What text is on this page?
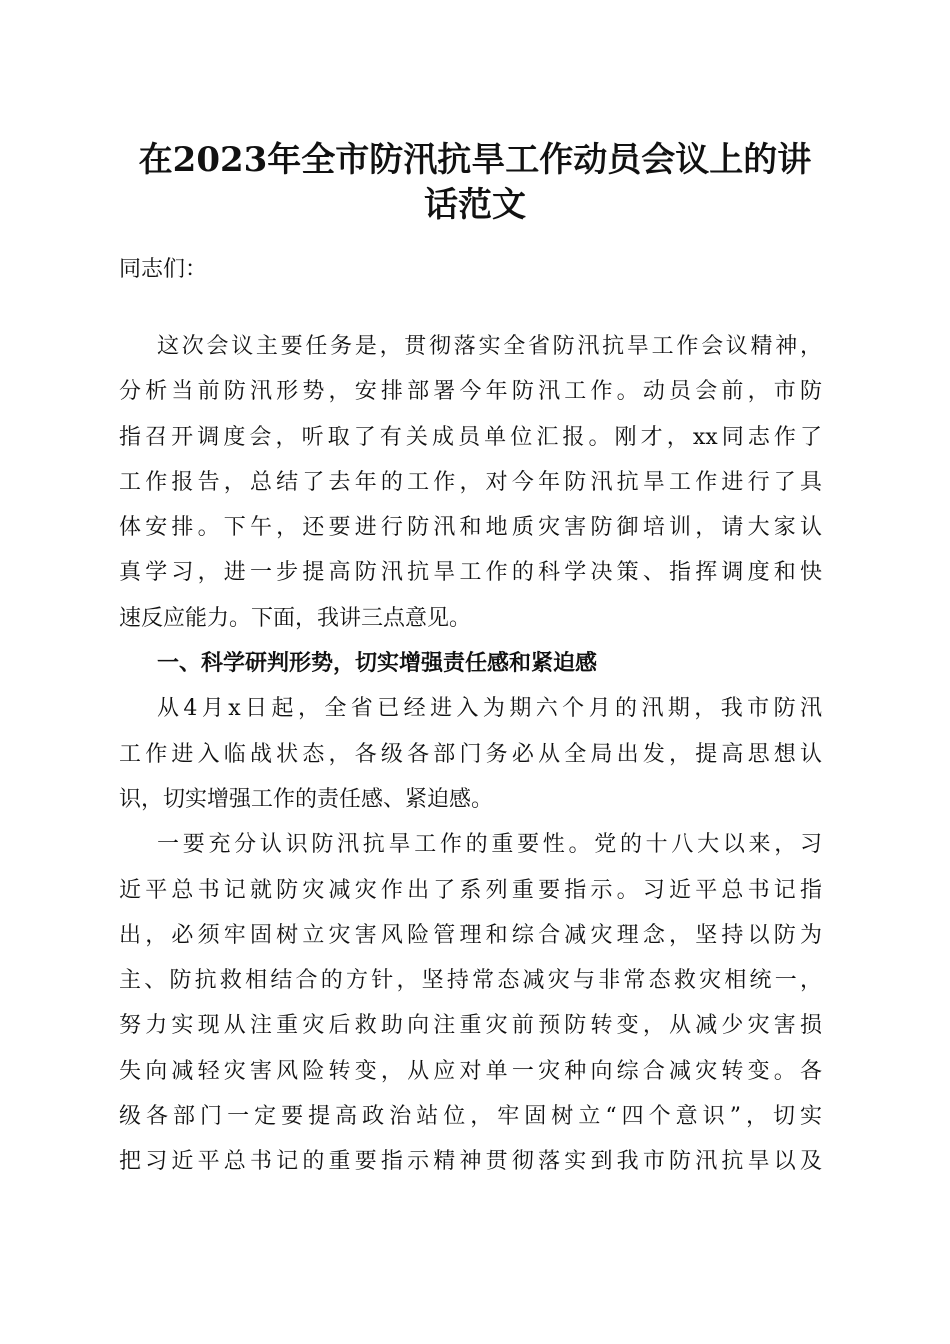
在2023年全市防汛抗旱工作动员会议上的讲
话范文
同志们：
这次会议主要任务是，贯彻落实全省防汛抗旱工作会议精神，
分析当前防汛形势，安排部署今年防汛工作。动员会前，市防
指召开调度会，听取了有关成员单位汇报。刚才，xx同志作了
工作报告，总结了去年的工作，对今年防汛抗旱工作进行了具
体安排。下午，还要进行防汛和地质灾害防御培训，请大家认
真学习，进一步提高防汛抗旱工作的科学决策、指挥调度和快
速反应能力。下面，我讲三点意见。
一、科学研判形势，切实增强责任感和紧迫感
从4月x日起，全省已经进入为期六个月的汛期，我市防汛
工作进入临战状态，各级各部门务必从全局出发，提高思想认
识，切实增强工作的责任感、紧迫感。
一要充分认识防汛抗旱工作的重要性。党的十八大以来，习
近平总书记就防灾减灾作出了系列重要指示。习近平总书记指
出，必须牢固树立灾害风险管理和综合减灾理念，坚持以防为
主、防抗救相结合的方针，坚持常态减灾与非常态救灾相统一，
努力实现从注重灾后救助向注重灾前预防转变，从减少灾害损
失向减轻灾害风险转变，从应对单一灾种向综合减灾转变。各
级各部门一定要提高政治站位，牢固树立“四个意识”，切实
把习近平总书记的重要指示精神贯彻落实到我市防汛抗旱以及
